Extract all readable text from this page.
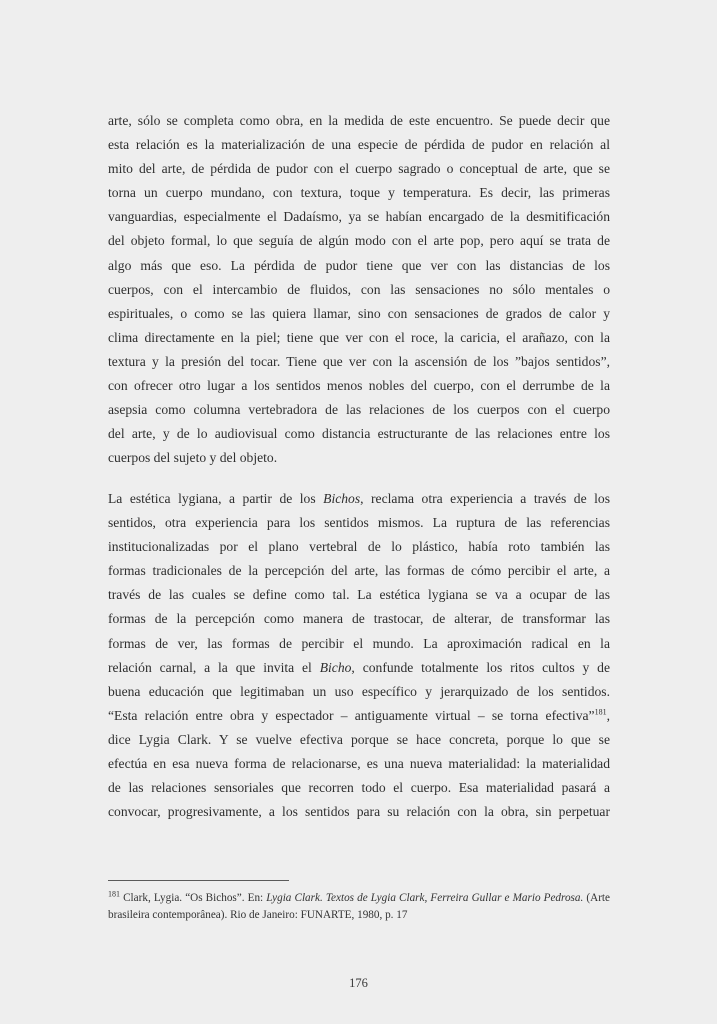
arte, sólo se completa como obra, en la medida de este encuentro. Se puede decir que
esta relación es la materialización de una especie de pérdida de pudor en relación al
mito del arte, de pérdida de pudor con el cuerpo sagrado o conceptual de arte, que se
torna un cuerpo mundano, con textura, toque y temperatura. Es decir, las primeras
vanguardias, especialmente el Dadaísmo, ya se habían encargado de la desmitificación
del objeto formal, lo que seguía de algún modo con el arte pop, pero aquí se trata de
algo más que eso. La pérdida de pudor tiene que ver con las distancias de los
cuerpos, con el intercambio de fluidos, con las sensaciones no sólo mentales o
espirituales, o como se las quiera llamar, sino con sensaciones de grados de calor y
clima directamente en la piel; tiene que ver con el roce, la caricia, el arañazo, con la
textura y la presión del tocar. Tiene que ver con la ascensión de los ”bajos sentidos”,
con ofrecer otro lugar a los sentidos menos nobles del cuerpo, con el derrumbe de la
asepsia como columna vertebradora de las relaciones de los cuerpos con el cuerpo
del arte, y de lo audiovisual como distancia estructurante de las relaciones entre los
cuerpos del sujeto y del objeto.
La estética lygiana, a partir de los Bichos, reclama otra experiencia a través de los
sentidos, otra experiencia para los sentidos mismos. La ruptura de las referencias
institucionalizadas por el plano vertebral de lo plástico, había roto también las
formas tradicionales de la percepción del arte, las formas de cómo percibir el arte, a
través de las cuales se define como tal. La estética lygiana se va a ocupar de las
formas de la percepción como manera de trastocar, de alterar, de transformar las
formas de ver, las formas de percibir el mundo. La aproximación radical en la
relación carnal, a la que invita el Bicho, confunde totalmente los ritos cultos y de
buena educación que legitimaban un uso específico y jerarquizado de los sentidos.
“Esta relación entre obra y espectador – antiguamente virtual – se torna efectiva”$^{181}$,
dice Lygia Clark. Y se vuelve efectiva porque se hace concreta, porque lo que se
efectúa en esa nueva forma de relacionarse, es una nueva materialidad: la materialidad
de las relaciones sensoriales que recorren todo el cuerpo. Esa materialidad pasará a
convocar, progresivamente, a los sentidos para su relación con la obra, sin perpetuar
$^{181}$ Clark, Lygia. “Os Bichos”. En: Lygia Clark. Textos de Lygia Clark, Ferreira Gullar e Mario Pedrosa. (Arte
brasileira contemporânea). Rio de Janeiro: FUNARTE, 1980, p. 17
176
